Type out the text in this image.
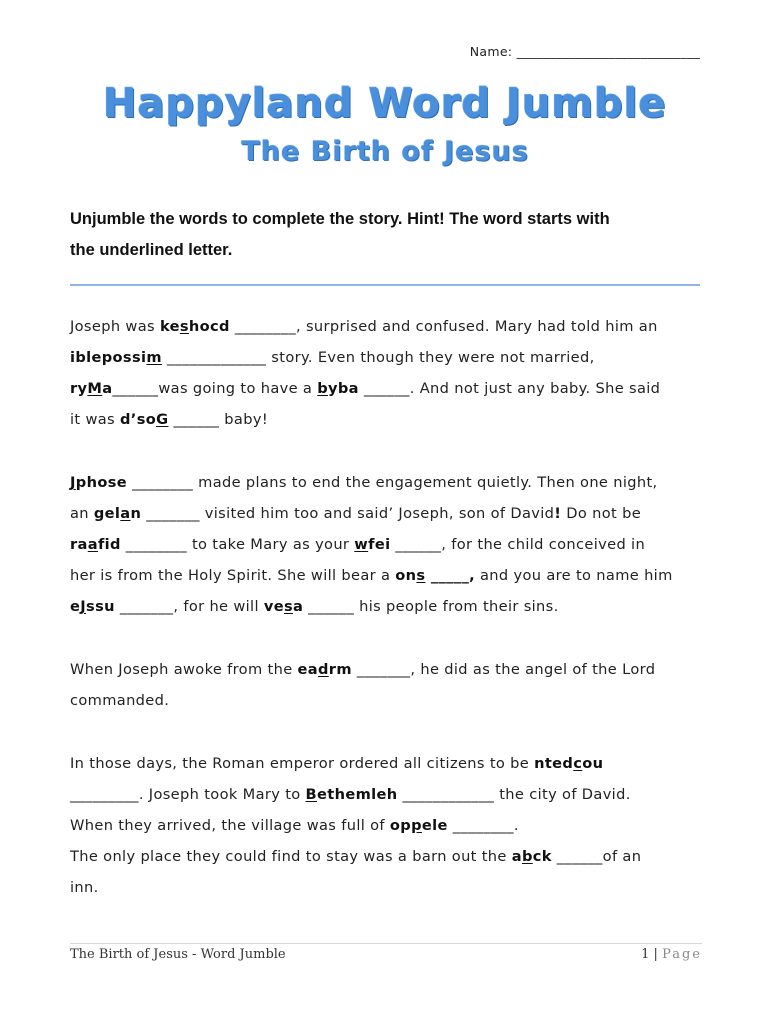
Name: ____________________________
Happyland Word Jumble
The Birth of Jesus
Unjumble the words to complete the story. Hint! The word starts with
the underlined letter.
Joseph was keshocd ________, surprised and confused. Mary had told him an
iblepossim _____________ story. Even though they were not married,
ryMa______was going to have a byba ______. And not just any baby. She said
it was d’soG ______ baby!
Jphose ________ made plans to end the engagement quietly. Then one night,
an gelan _______ visited him too and said’ Joseph, son of David! Do not be
raafid ________ to take Mary as your wfei ______, for the child conceived in
her is from the Holy Spirit. She will bear a ons _____, and you are to name him
eJssu _______, for he will vesa ______ his people from their sins.
When Joseph awoke from the eadrm _______, he did as the angel of the Lord
commanded.
In those days, the Roman emperor ordered all citizens to be ntedcou
_________. Joseph took Mary to Bethemleh ____________ the city of David.
When they arrived, the village was full of oppele ________.
The only place they could find to stay was a barn out the abck ______of an
inn.
The Birth of Jesus - Word Jumble	1 | Page
